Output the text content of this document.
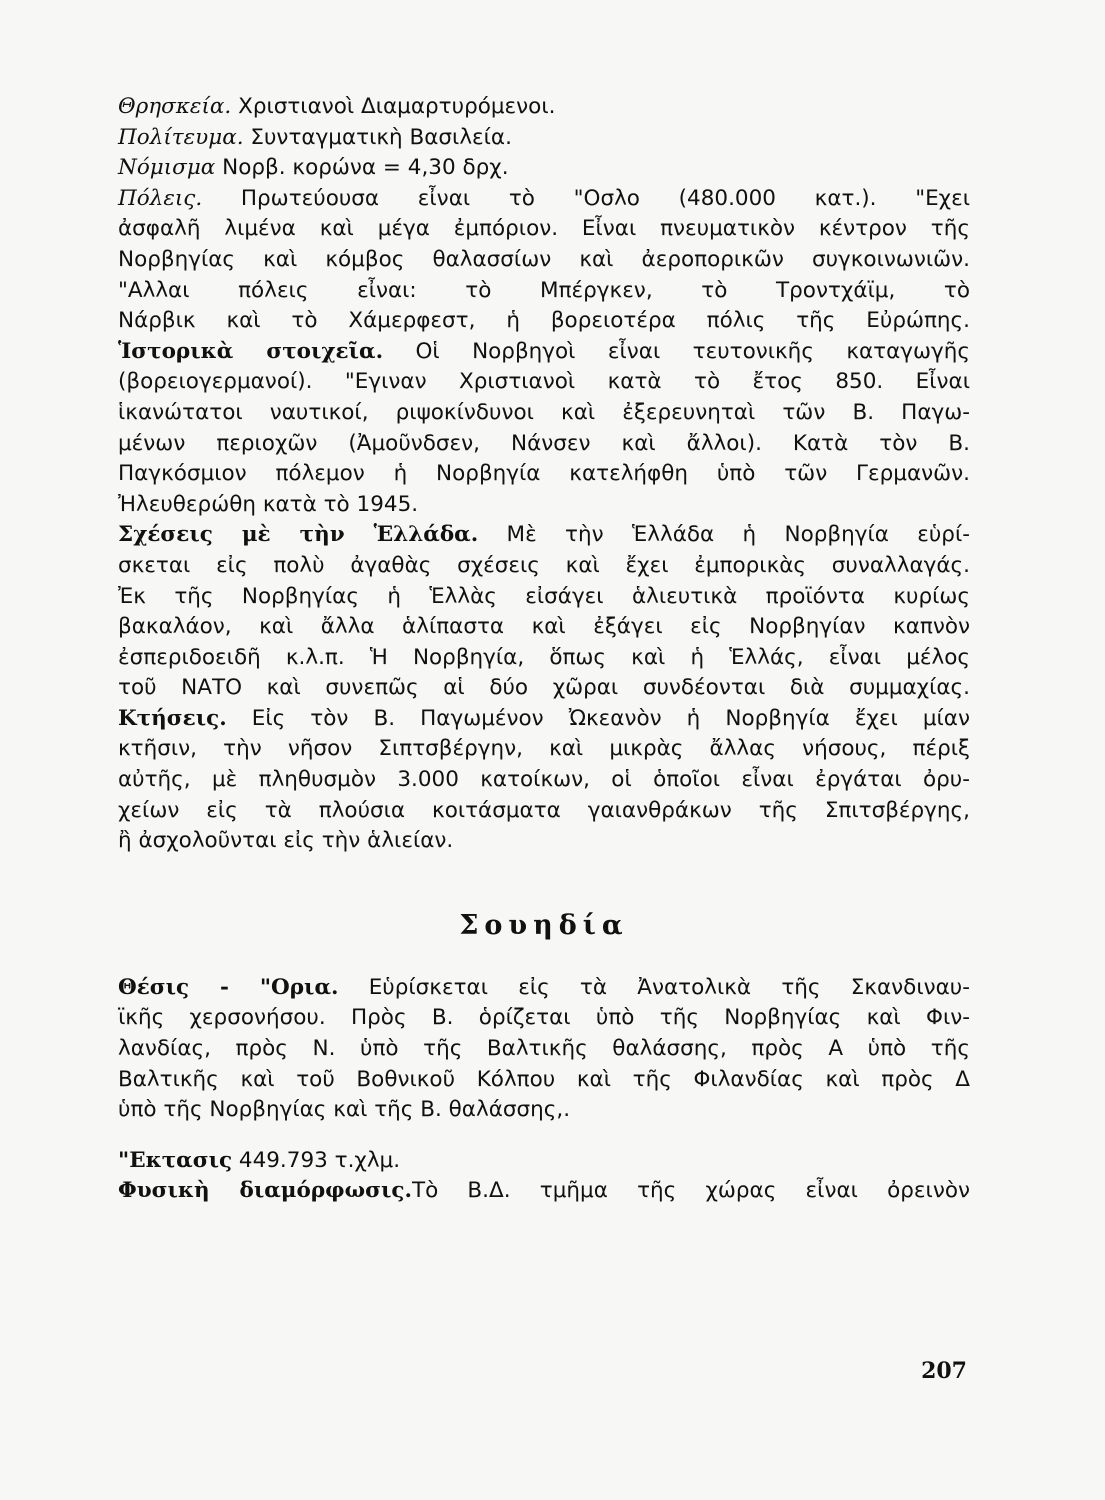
Θρησκεία. Χριστιανοὶ Διαμαρτυρόμενοι.
Πολίτευμα. Συνταγματικὴ Βασιλεία.
Νόμισμα Νορβ. κορώνα = 4,30 δρχ.
Πόλεις. Πρωτεύουσα εἶναι τὸ "Οσλο (480.000 κατ.). "Εχει
ἀσφαλῆ λιμένα καὶ μέγα ἐμπόριον. Εἶναι πνευματικὸν κέντρον τῆς
Νορβηγίας καὶ κόμβος θαλασσίων καὶ ἀεροπορικῶν συγκοινωνιῶν.
"Αλλαι πόλεις εἶναι: τὸ Μπέργκεν, τὸ Τροντχάϊμ, τὸ
Νάρβικ καὶ τὸ Χάμερφεστ, ἡ βορειοτέρα πόλις τῆς Εὐρώπης.
Ἱστορικὰ στοιχεῖα. Οἱ Νορβηγοὶ εἶναι τευτονικῆς καταγωγῆς
(βορειογερμανοί). "Εγιναν Χριστιανοὶ κατὰ τὸ ἔτος 850. Εἶναι
ἱκανώτατοι ναυτικοί, ριψοκίνδυνοι καὶ ἐξερευνηταὶ τῶν Β. Παγω-
μένων περιοχῶν (Ἀμοῦνδσεν, Νάνσεν καὶ ἄλλοι). Κατὰ τὸν Β.
Παγκόσμιον πόλεμον ἡ Νορβηγία κατελήφθη ὑπὸ τῶν Γερμανῶν.
Ἠλευθερώθη κατὰ τὸ 1945.
Σχέσεις μὲ τὴν Ἑλλάδα. Μὲ τὴν Ἑλλάδα ἡ Νορβηγία εὑρί-
σκεται εἰς πολὺ ἀγαθὰς σχέσεις καὶ ἔχει ἐμπορικὰς συναλλαγάς.
Ἐκ τῆς Νορβηγίας ἡ Ἑλλὰς εἰσάγει ἁλιευτικὰ προϊόντα κυρίως
βακαλάον, καὶ ἄλλα ἁλίπαστα καὶ ἐξάγει εἰς Νορβηγίαν καπνὸν
ἐσπεριδοειδῆ κ.λ.π. Ἡ Νορβηγία, ὅπως καὶ ἡ Ἑλλάς, εἶναι μέλος
τοῦ ΝΑΤΟ καὶ συνεπῶς αἱ δύο χῶραι συνδέονται διὰ συμμαχίας.
Κτήσεις. Εἰς τὸν Β. Παγωμένον Ὠκεανὸν ἡ Νορβηγία ἔχει μίαν
κτῆσιν, τὴν νῆσον Σιπτσβέργην, καὶ μικρὰς ἄλλας νήσους, πέριξ
αὐτῆς, μὲ πληθυσμὸν 3.000 κατοίκων, οἱ ὁποῖοι εἶναι ἐργάται ὀρυ-
χείων εἰς τὰ πλούσια κοιτάσματα γαιανθράκων τῆς Σπιτσβέργης,
ἢ ἀσχολοῦνται εἰς τὴν ἁλιείαν.
Σουηδία
Θέσις - "Ορια. Εὑρίσκεται εἰς τὰ Ἀνατολικὰ τῆς Σκανδιναυ-
ϊκῆς χερσονήσου. Πρὸς Β. ὁρίζεται ὑπὸ τῆς Νορβηγίας καὶ Φιν-
λανδίας, πρὸς Ν. ὑπὸ τῆς Βαλτικῆς θαλάσσης, πρὸς Α ὑπὸ τῆς
Βαλτικῆς καὶ τοῦ Βοθνικοῦ Κόλπου καὶ τῆς Φιλανδίας καὶ πρὸς Δ
ὑπὸ τῆς Νορβηγίας καὶ τῆς Β. θαλάσσης,.
"Εκτασις 449.793 τ.χλμ.
Φυσικὴ διαμόρφωσις.Τὸ Β.Δ. τμῆμα τῆς χώρας εἶναι ὀρεινὸν
207
